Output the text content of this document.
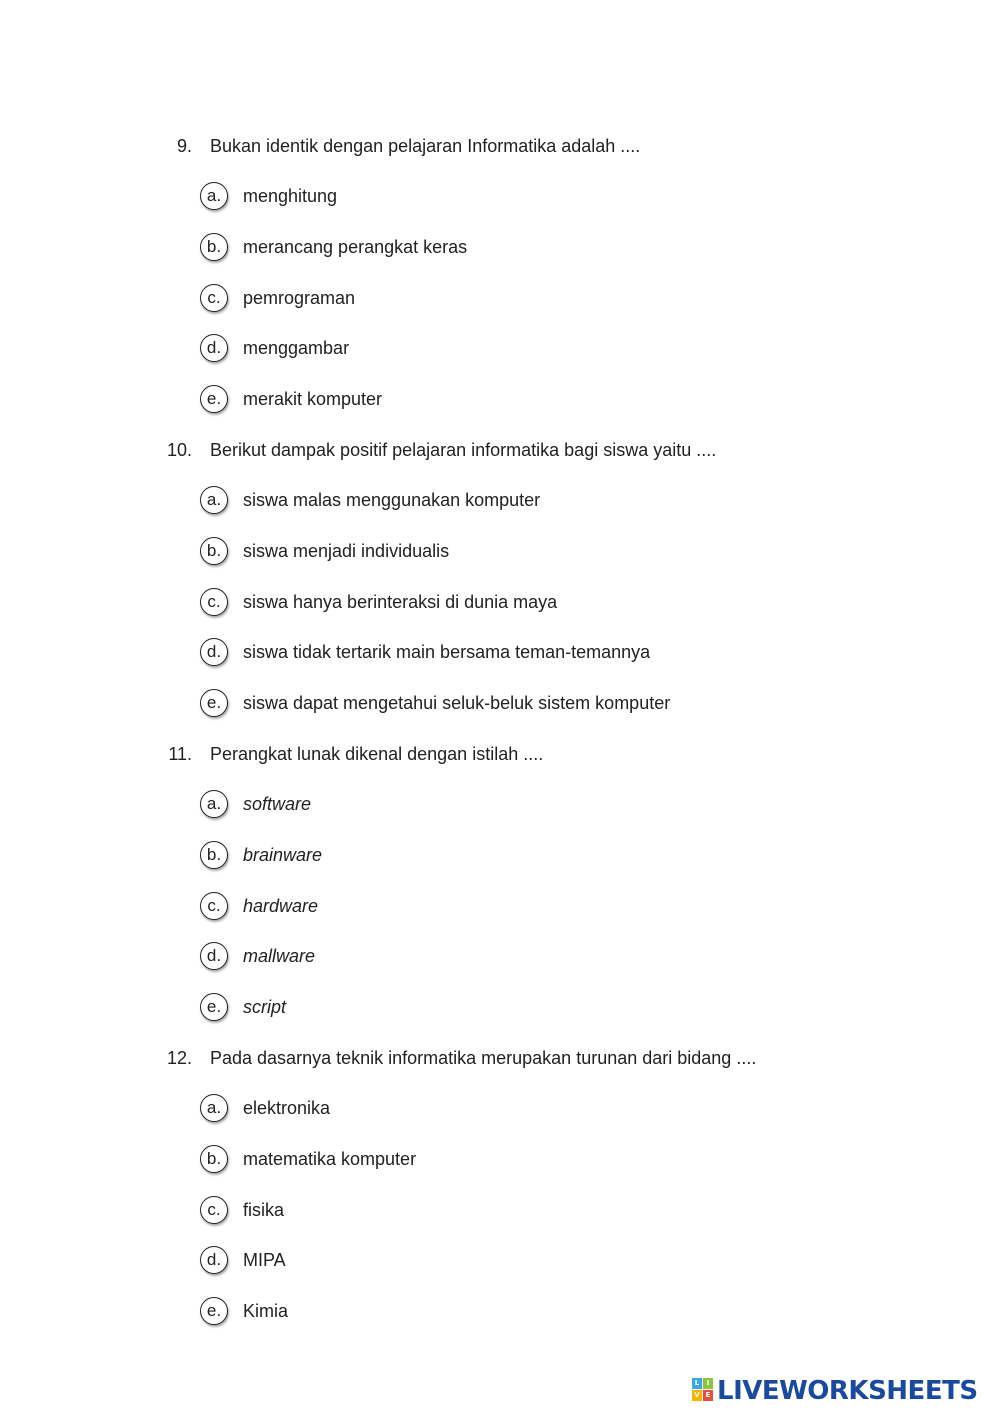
9. Bukan identik dengan pelajaran Informatika adalah ....
a.	menghitung
b.	merancang perangkat keras
c.	pemrograman
d.	menggambar
e.	merakit komputer
10. Berikut dampak positif pelajaran informatika bagi siswa yaitu ....
a.	siswa malas menggunakan komputer
b.	siswa menjadi individualis
c.	siswa hanya berinteraksi di dunia maya
d.	siswa tidak tertarik main bersama teman-temannya
e.	siswa dapat mengetahui seluk-beluk sistem komputer
11. Perangkat lunak dikenal dengan istilah ....
a.	software
b.	brainware
c.	hardware
d.	mallware
e.	script
12. Pada dasarnya teknik informatika merupakan turunan dari bidang ....
a.	elektronika
b.	matematika komputer
c.	fisika
d.	MIPA
e.	Kimia
L	I
V E LIVEWORKSHEETS
